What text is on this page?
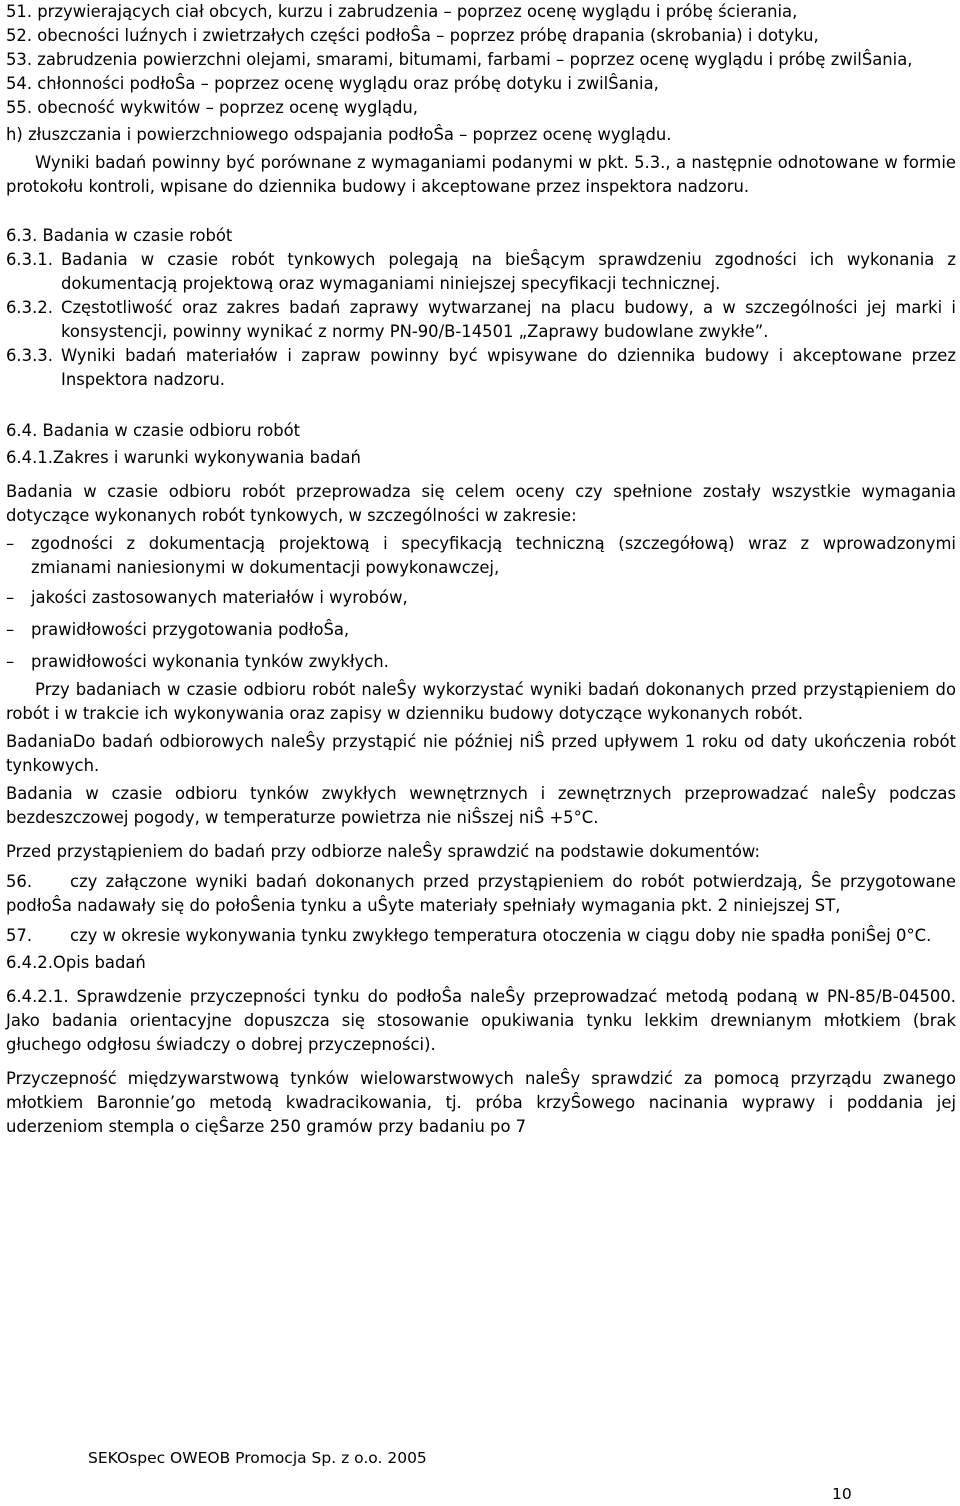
51. przywierających ciał obcych, kurzu i zabrudzenia – poprzez ocenę wyglądu i próbę ścierania,

52. obecności luźnych i zwietrzałych części podłoŜa – poprzez próbę drapania (skrobania) i dotyku,

53. zabrudzenia powierzchni olejami, smarami, bitumami, farbami – poprzez ocenę wyglądu i próbę zwilŜania,

54. chłonności podłoŜa – poprzez ocenę wyglądu oraz próbę dotyku i zwilŜania,

55. obecność wykwitów – poprzez ocenę wyglądu,

h) złuszczania i powierzchniowego odspajania podłoŜa – poprzez ocenę wyglądu.

Wyniki badań powinny być porównane z wymaganiami podanymi w pkt. 5.3., a następnie odnotowane w formie protokołu kontroli, wpisane do dziennika budowy i akceptowane przez inspektora nadzoru.

6.3. Badania w czasie robót

6.3.1. Badania w czasie robót tynkowych polegają na bieŜącym sprawdzeniu zgodności ich wykonania z dokumentacją projektową oraz wymaganiami niniejszej specyfikacji technicznej.

6.3.2. Częstotliwość oraz zakres badań zaprawy wytwarzanej na placu budowy, a w szczególności jej marki i konsystencji, powinny wynikać z normy PN-90/B-14501 „Zaprawy budowlane zwykłe”.

6.3.3. Wyniki badań materiałów i zapraw powinny być wpisywane do dziennika budowy i akceptowane przez Inspektora nadzoru.

6.4. Badania w czasie odbioru robót

6.4.1.Zakres i warunki wykonywania badań

Badania w czasie odbioru robót przeprowadza się celem oceny czy spełnione zostały wszystkie wymagania dotyczące wykonanych robót tynkowych, w szczególności w zakresie:

– zgodności z dokumentacją projektową i specyfikacją techniczną (szczegółową) wraz z wprowadzonymi zmianami naniesionymi w dokumentacji powykonawczej,

– jakości zastosowanych materiałów i wyrobów,

– prawidłowości przygotowania podłoŜa,

– prawidłowości wykonania tynków zwykłych.

Przy badaniach w czasie odbioru robót naleŜy wykorzystać wyniki badań dokonanych przed przystąpieniem do robót i w trakcie ich wykonywania oraz zapisy w dzienniku budowy dotyczące wykonanych robót.

BadaniaDo badań odbiorowych naleŜy przystąpić nie później niŜ przed upływem 1 roku od daty ukończenia robót tynkowych.

Badania w czasie odbioru tynków zwykłych wewnętrznych i zewnętrznych przeprowadzać naleŜy podczas bezdeszczowej pogody, w temperaturze powietrza nie niŜszej niŜ +5°C.

Przed przystąpieniem do badań przy odbiorze naleŜy sprawdzić na podstawie dokumentów:

56. czy załączone wyniki badań dokonanych przed przystąpieniem do robót potwierdzają, Ŝe przygotowane podłoŜa nadawały się do połoŜenia tynku a uŜyte materiały spełniały wymagania pkt. 2 niniejszej ST,

57. czy w okresie wykonywania tynku zwykłego temperatura otoczenia w ciągu doby nie spadła poniŜej 0°C.

6.4.2.Opis badań

6.4.2.1. Sprawdzenie przyczepności tynku do podłoŜa naleŜy przeprowadzać metodą podaną w PN-85/B-04500. Jako badania orientacyjne dopuszcza się stosowanie opukiwania tynku lekkim drewnianym młotkiem (brak głuchego odgłosu świadczy o dobrej przyczepności).

Przyczepność międzywarstwową tynków wielowarstwowych naleŜy sprawdzić za pomocą przyrządu zwanego młotkiem Baronnie’go metodą kwadracikowania, tj. próba krzyŜowego nacinania wyprawy i poddania jej uderzeniom stempla o cięŜarze 250 gramów przy badaniu po 7

SEKOspec OWEOB Promocja Sp. z o.o. 2005
10
